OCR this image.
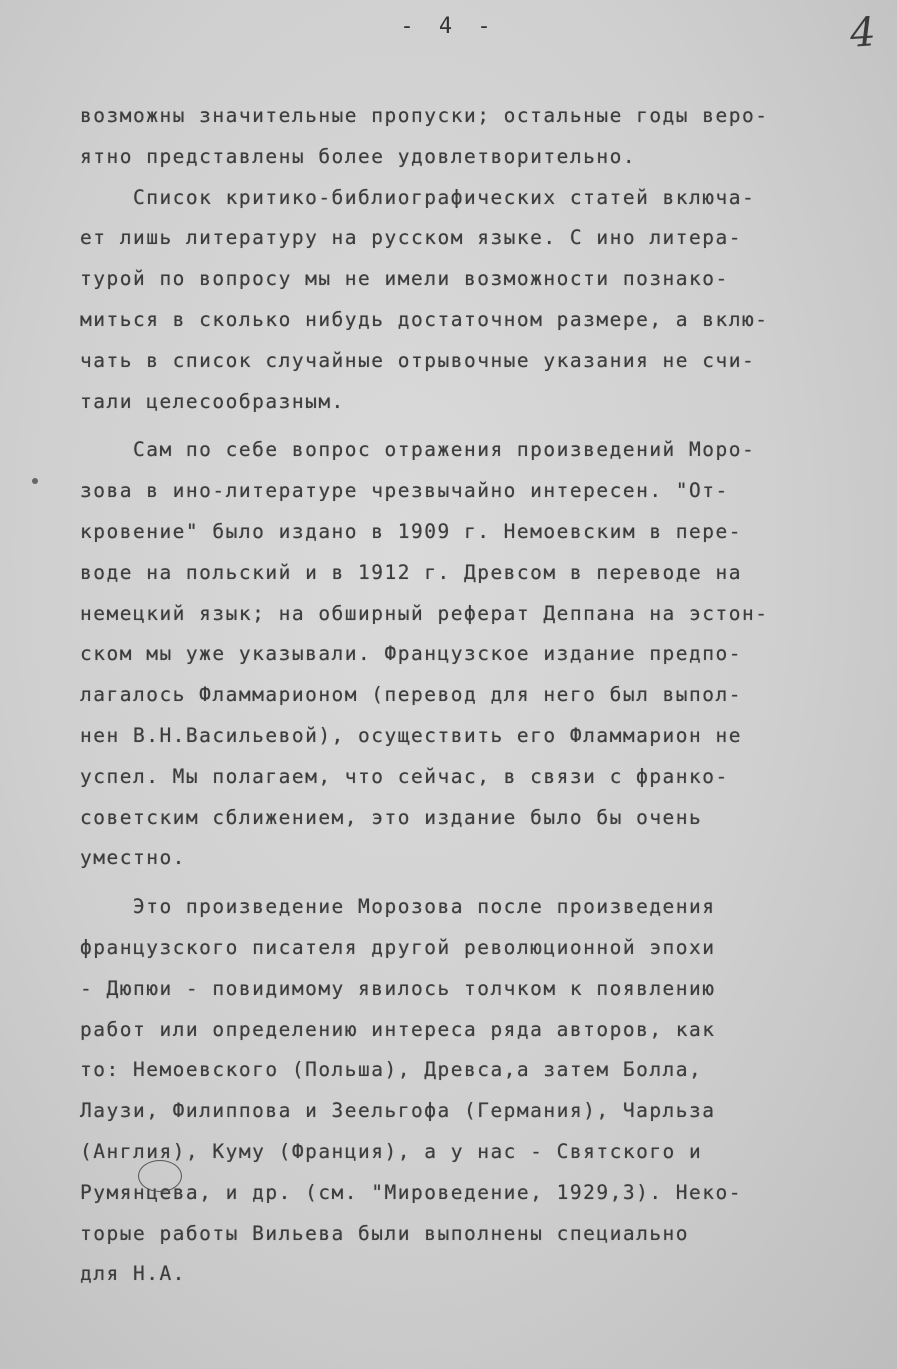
- 4 -	4
возможны значительные пропуски; остальные годы веро-
ятно представлены более удовлетворительно.
Список критико-библиографических статей включа-
ет лишь литературу на русском языке. С ино литера-
турой по вопросу мы не имели возможности познако-
миться в сколько нибудь достаточном размере, а вклю-
чать в список случайные отрывочные указания не счи-
тали целесообразным.
Сам по себе вопрос отражения произведений Моро-
зова в ино-литературе чрезвычайно интересен. "От-
кровение" было издано в 1909 г. Немоевским в пере-
воде на польский и в 1912 г. Древсом в переводе на
немецкий язык; на обширный реферат Деппана на эстон-
ском мы уже указывали. Французское издание предпо-
лагалось Фламмарионом (перевод для него был выпол-
нен В.Н.Васильевой), осуществить его Фламмарион не
успел. Мы полагаем, что сейчас, в связи с франко-
советским сближением, это издание было бы очень
уместно.
Это произведение Морозова после произведения
французского писателя другой революционной эпохи
- Дюпюи - повидимому явилось толчком к появлению
работ или определению интереса ряда авторов, как
то: Немоевского (Польша), Древса,а затем Болла,
Лаузи, Филиппова и Зеельгофа (Германия), Чарльза
(Англия), Куму (Франция), а у нас - Святского и
Румянцева, и др. (см. "Мироведение, 1929,3). Неко-
торые работы Вильева были выполнены специально
для Н.А.
